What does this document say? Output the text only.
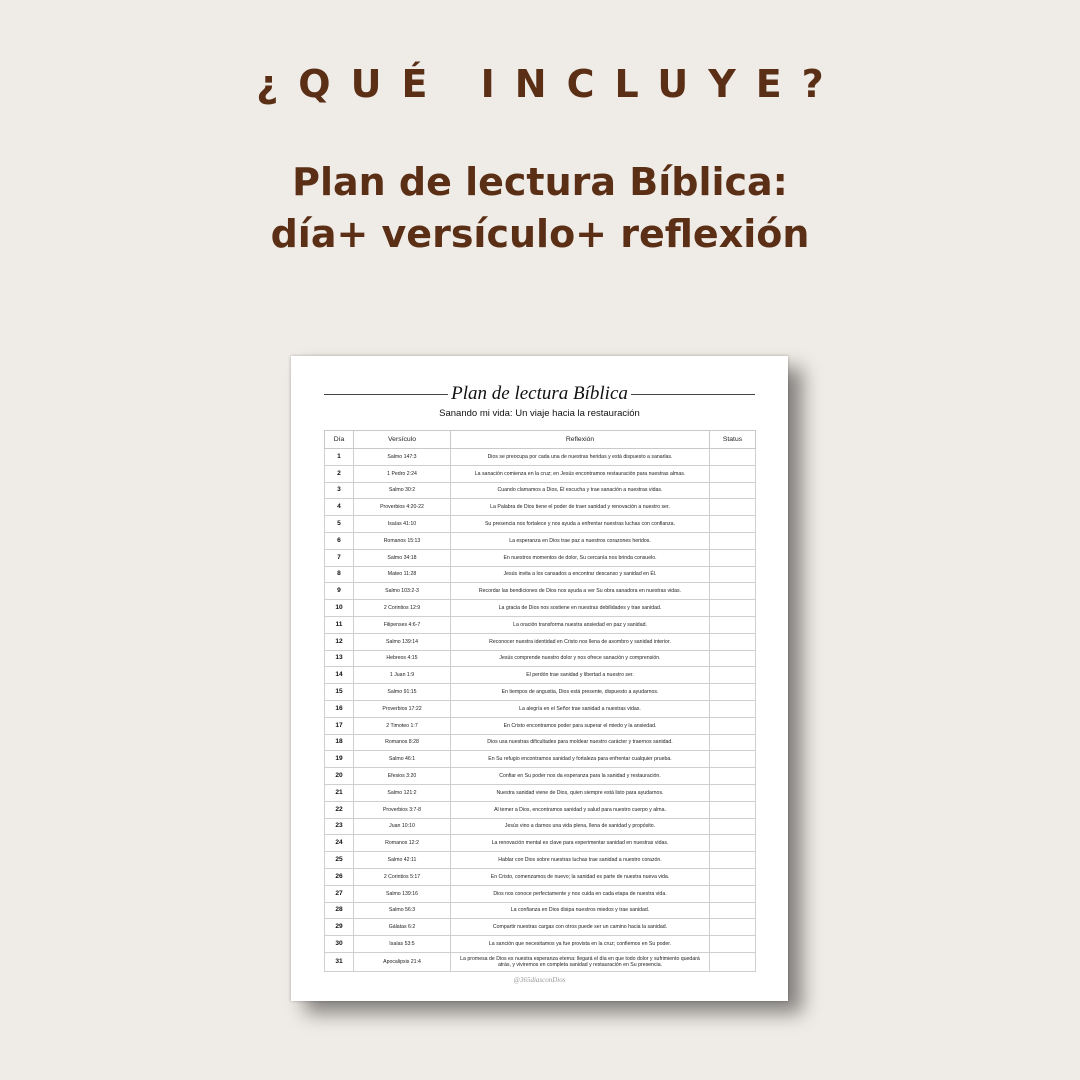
¿QUÉ INCLUYE?
Plan de lectura Bíblica:
día+ versículo+ reflexión
Plan de lectura Bíblica
Sanando mi vida: Un viaje hacia la restauración
Día	Versículo	Reflexión	Status
1	Salmo 147:3	Dios se preocupa por cada una de nuestras heridas y está dispuesto a sanarlas.	
2	1 Pedro 2:24	La sanación comienza en la cruz; en Jesús encontramos restauración para nuestras almas.	
3	Salmo 30:2	Cuando clamamos a Dios, Él escucha y trae sanación a nuestras vidas.	
4	Proverbios 4:20-22	La Palabra de Dios tiene el poder de traer sanidad y renovación a nuestro ser.	
5	Isaías 41:10	Su presencia nos fortalece y nos ayuda a enfrentar nuestras luchas con confianza.	
6	Romanos 15:13	La esperanza en Dios trae paz a nuestros corazones heridos.	
7	Salmo 34:18	En nuestros momentos de dolor, Su cercanía nos brinda consuelo.	
8	Mateo 11:28	Jesús invita a los cansados a encontrar descanso y sanidad en Él.	
9	Salmo 103:2-3	Recordar las bendiciones de Dios nos ayuda a ver Su obra sanadora en nuestras vidas.	
10	2 Corintios 12:9	La gracia de Dios nos sostiene en nuestras debilidades y trae sanidad.	
11	Filipenses 4:6-7	La oración transforma nuestra ansiedad en paz y sanidad.	
12	Salmo 139:14	Reconocer nuestra identidad en Cristo nos llena de asombro y sanidad interior.	
13	Hebreos 4:15	Jesús comprende nuestro dolor y nos ofrece sanación y comprensión.	
14	1 Juan 1:9	El perdón trae sanidad y libertad a nuestro ser.	
15	Salmo 91:15	En tiempos de angustia, Dios está presente, dispuesto a ayudarnos.	
16	Proverbios 17:22	La alegría en el Señor trae sanidad a nuestras vidas.	
17	2 Timoteo 1:7	En Cristo encontramos poder para superar el miedo y la ansiedad.	
18	Romanos 8:28	Dios usa nuestras dificultades para moldear nuestro carácter y traernos sanidad.	
19	Salmo 46:1	En Su refugio encontramos sanidad y fortaleza para enfrentar cualquier prueba.	
20	Efesios 3:20	Confiar en Su poder nos da esperanza para la sanidad y restauración.	
21	Salmo 121:2	Nuestra sanidad viene de Dios, quien siempre está listo para ayudarnos.	
22	Proverbios 3:7-8	Al temer a Dios, encontramos sanidad y salud para nuestro cuerpo y alma.	
23	Juan 10:10	Jesús vino a darnos una vida plena, llena de sanidad y propósito.	
24	Romanos 12:2	La renovación mental es clave para experimentar sanidad en nuestras vidas.	
25	Salmo 42:11	Hablar con Dios sobre nuestras luchas trae sanidad a nuestro corazón.	
26	2 Corintios 5:17	En Cristo, comenzamos de nuevo; la sanidad es parte de nuestra nueva vida.	
27	Salmo 139:16	Dios nos conoce perfectamente y nos cuida en cada etapa de nuestra vida.	
28	Salmo 56:3	La confianza en Dios disipa nuestros miedos y trae sanidad.	
29	Gálatas 6:2	Compartir nuestras cargas con otros puede ser un camino hacia la sanidad.	
30	Isaías 53:5	La sanción que necesitamos ya fue provista en la cruz; confiemos en Su poder.	
31	Apocalipsis 21:4	La promesa de Dios es nuestra esperanza eterna: llegará el día en que todo dolor y sufrimiento quedará atrás, y viviremos en completa sanidad y restauración en Su presencia.	
@365diasconDios
